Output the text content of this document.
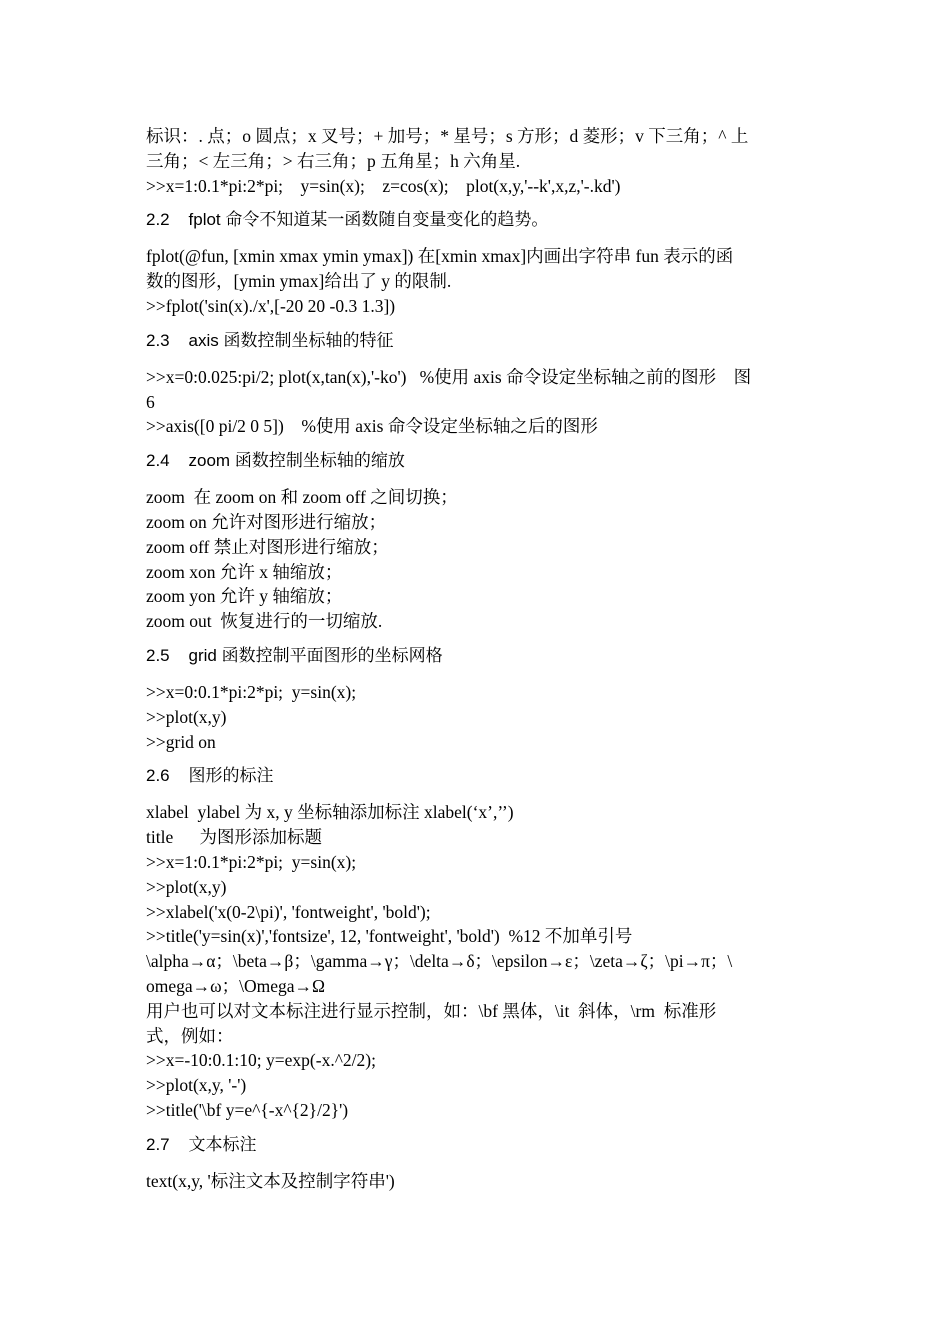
标识：. 点；o 圆点；x 叉号；+ 加号；* 星号；s 方形；d 菱形；v 下三角；^ 上
三角；< 左三角；> 右三角；p 五角星；h 六角星.
>>x=1:0.1*pi:2*pi;    y=sin(x);    z=cos(x);    plot(x,y,'--k',x,z,'-.kd')
2.2    fplot 命令不知道某一函数随自变量变化的趋势。
fplot(@fun, [xmin xmax ymin ymax]) 在[xmin xmax]内画出字符串 fun 表示的函
数的图形，[ymin ymax]给出了 y 的限制.
>>fplot('sin(x)./x',[-20 20 -0.3 1.3])
2.3    axis 函数控制坐标轴的特征
>>x=0:0.025:pi/2; plot(x,tan(x),'-ko')   %使用 axis 命令设定坐标轴之前的图形    图
6
>>axis([0 pi/2 0 5])    %使用 axis 命令设定坐标轴之后的图形
2.4    zoom 函数控制坐标轴的缩放
zoom  在 zoom on 和 zoom off 之间切换；
zoom on 允许对图形进行缩放；
zoom off 禁止对图形进行缩放；
zoom xon 允许 x 轴缩放；
zoom yon 允许 y 轴缩放；
zoom out  恢复进行的一切缩放.
2.5    grid 函数控制平面图形的坐标网格
>>x=0:0.1*pi:2*pi;  y=sin(x);
>>plot(x,y)
>>grid on
2.6    图形的标注
xlabel  ylabel 为 x, y 坐标轴添加标注 xlabel(‘x’,’’)
title      为图形添加标题
>>x=1:0.1*pi:2*pi;  y=sin(x);
>>plot(x,y)
>>xlabel('x(0-2\pi)', 'fontweight', 'bold');
>>title('y=sin(x)','fontsize', 12, 'fontweight', 'bold')  %12 不加单引号
\alpha→α；\beta→β；\gamma→γ；\delta→δ；\epsilon→ε；\zeta→ζ；\pi→π；\
omega→ω；\Omega→Ω
用户也可以对文本标注进行显示控制，如：\bf 黑体，\it  斜体，\rm  标准形
式，例如：
>>x=-10:0.1:10; y=exp(-x.^2/2);
>>plot(x,y, '-')
>>title('\bf y=e^{-x^{2}/2}')
2.7    文本标注
text(x,y, '标注文本及控制字符串')
